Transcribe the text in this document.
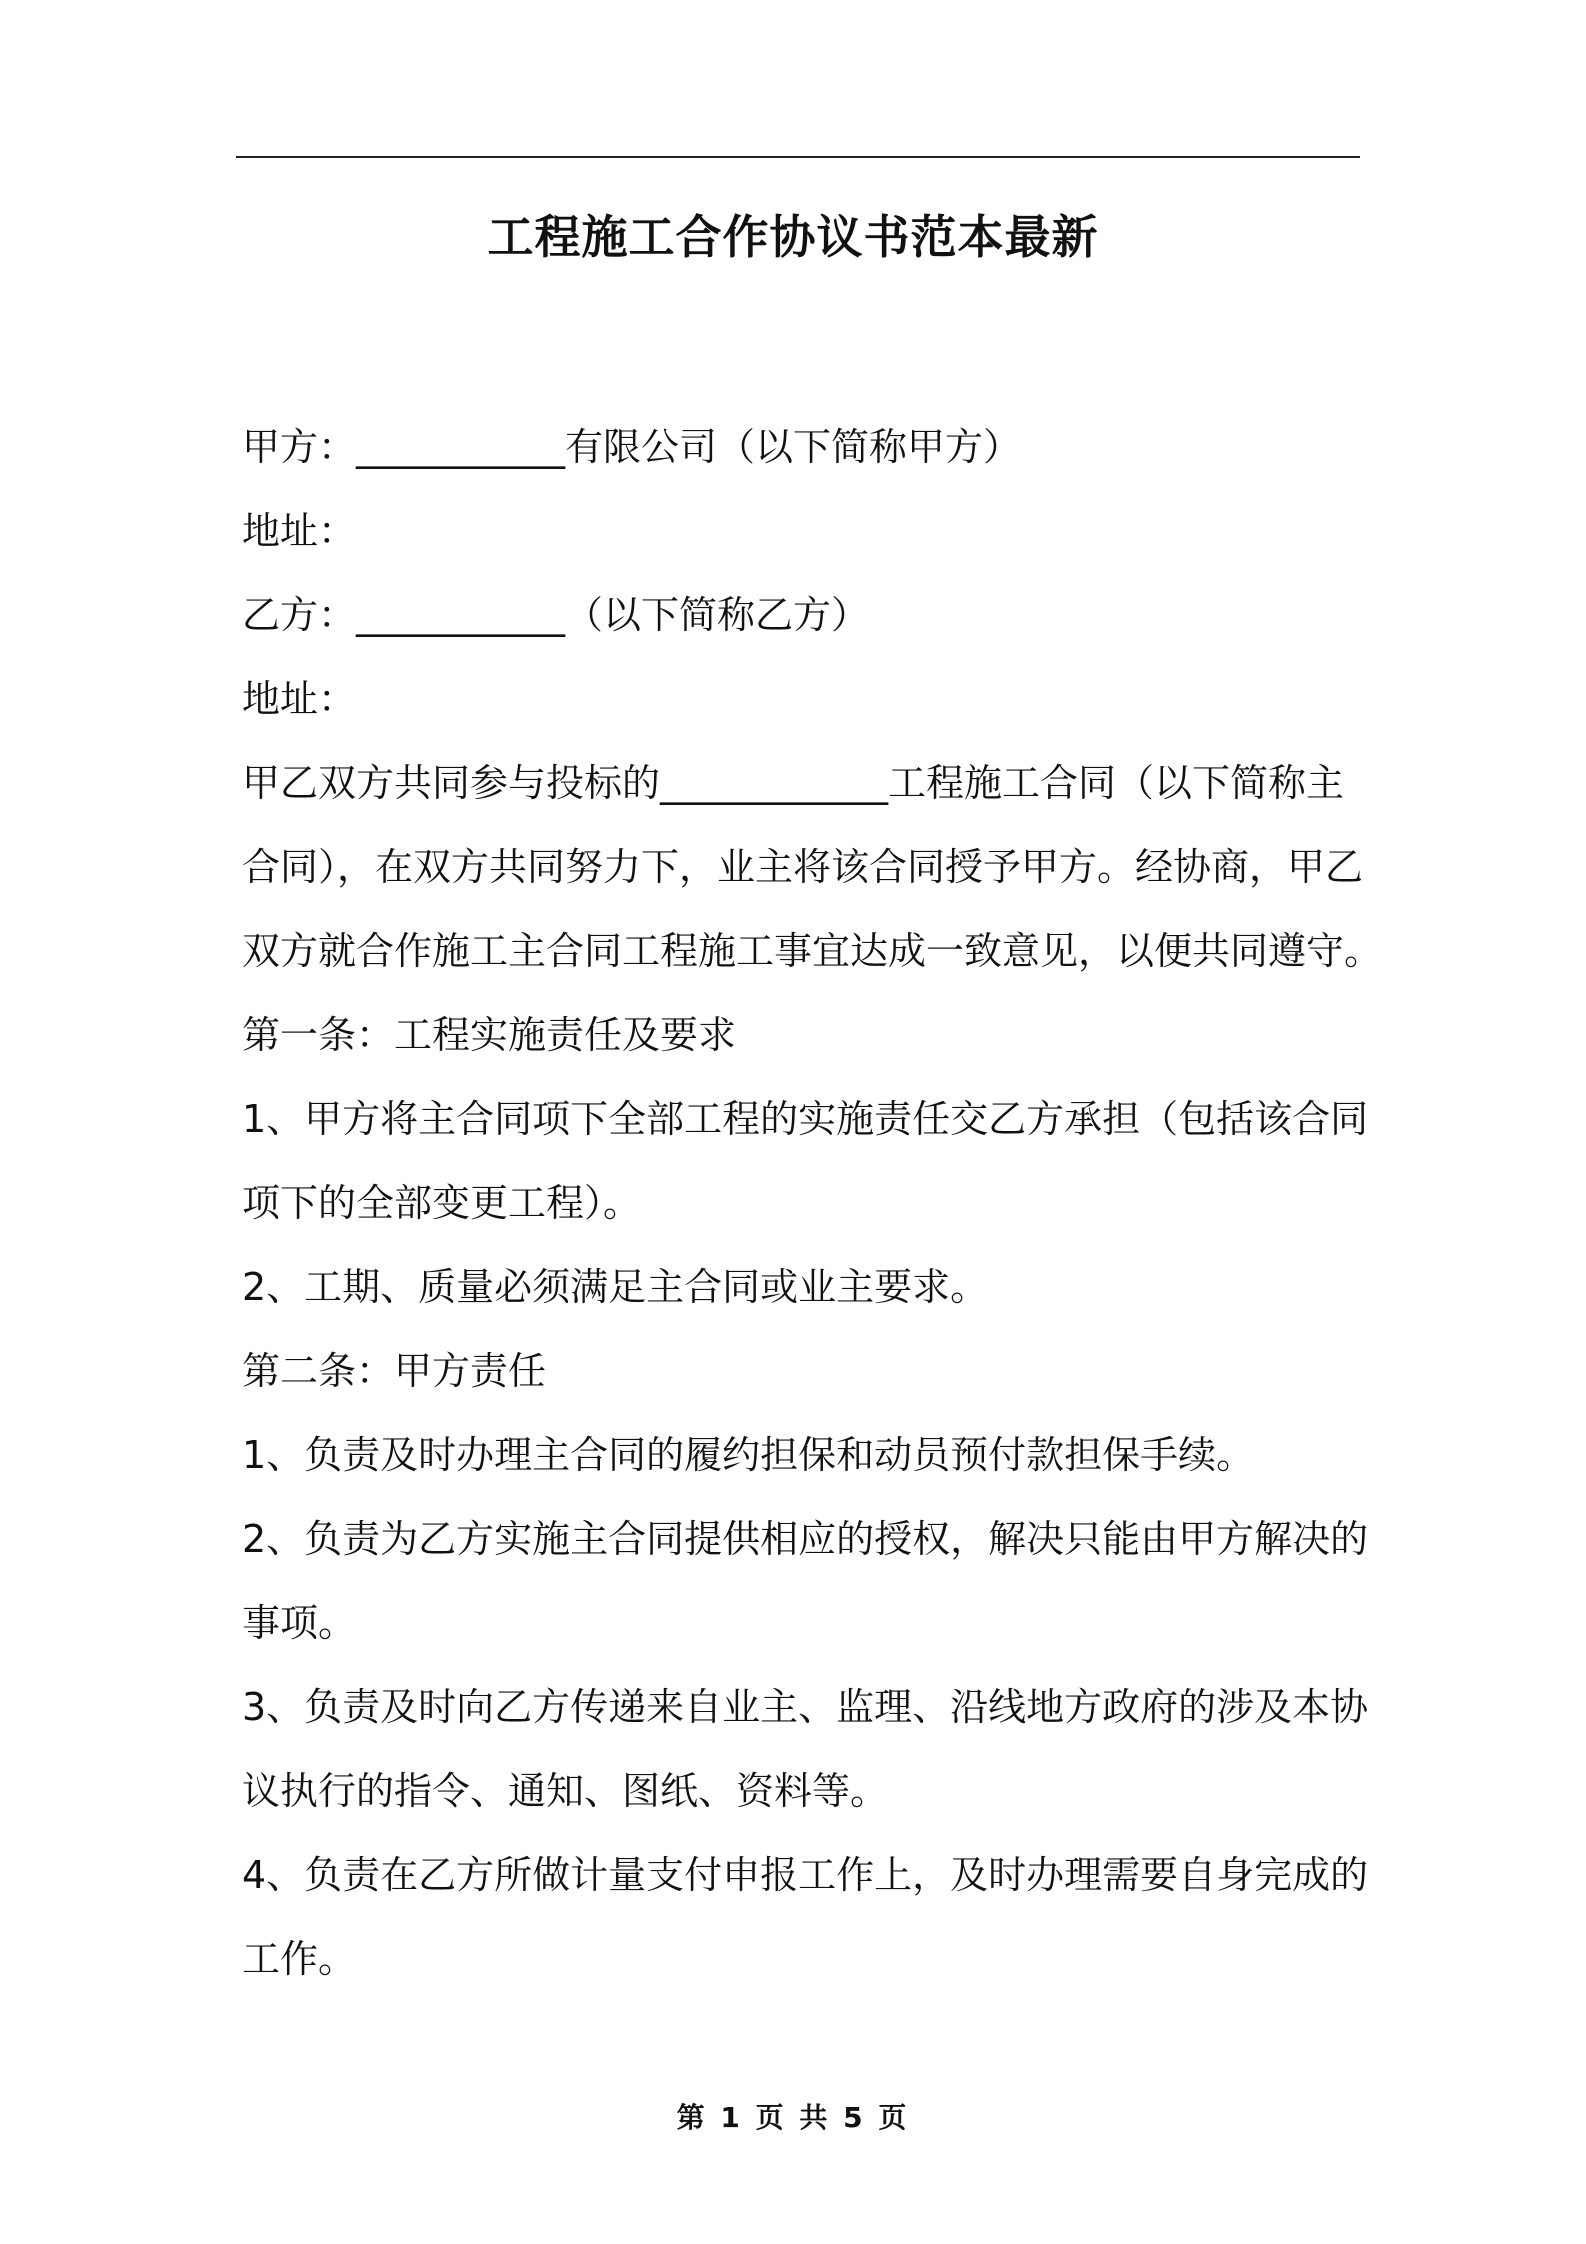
工程施工合作协议书范本最新

甲方：___________有限公司（以下简称甲方）

地址：

乙方：___________（以下简称乙方）

地址：

甲乙双方共同参与投标的____________工程施工合同（以下简称主

合同），在双方共同努力下，业主将该合同授予甲方。经协商，甲乙

双方就合作施工主合同工程施工事宜达成一致意见，以便共同遵守。

第一条：工程实施责任及要求

1、甲方将主合同项下全部工程的实施责任交乙方承担（包括该合同

项下的全部变更工程）。

2、工期、质量必须满足主合同或业主要求。

第二条：甲方责任

1、负责及时办理主合同的履约担保和动员预付款担保手续。

2、负责为乙方实施主合同提供相应的授权，解决只能由甲方解决的

事项。

3、负责及时向乙方传递来自业主、监理、沿线地方政府的涉及本协

议执行的指令、通知、图纸、资料等。

4、负责在乙方所做计量支付申报工作上，及时办理需要自身完成的

工作。

第 1 页 共 5 页
